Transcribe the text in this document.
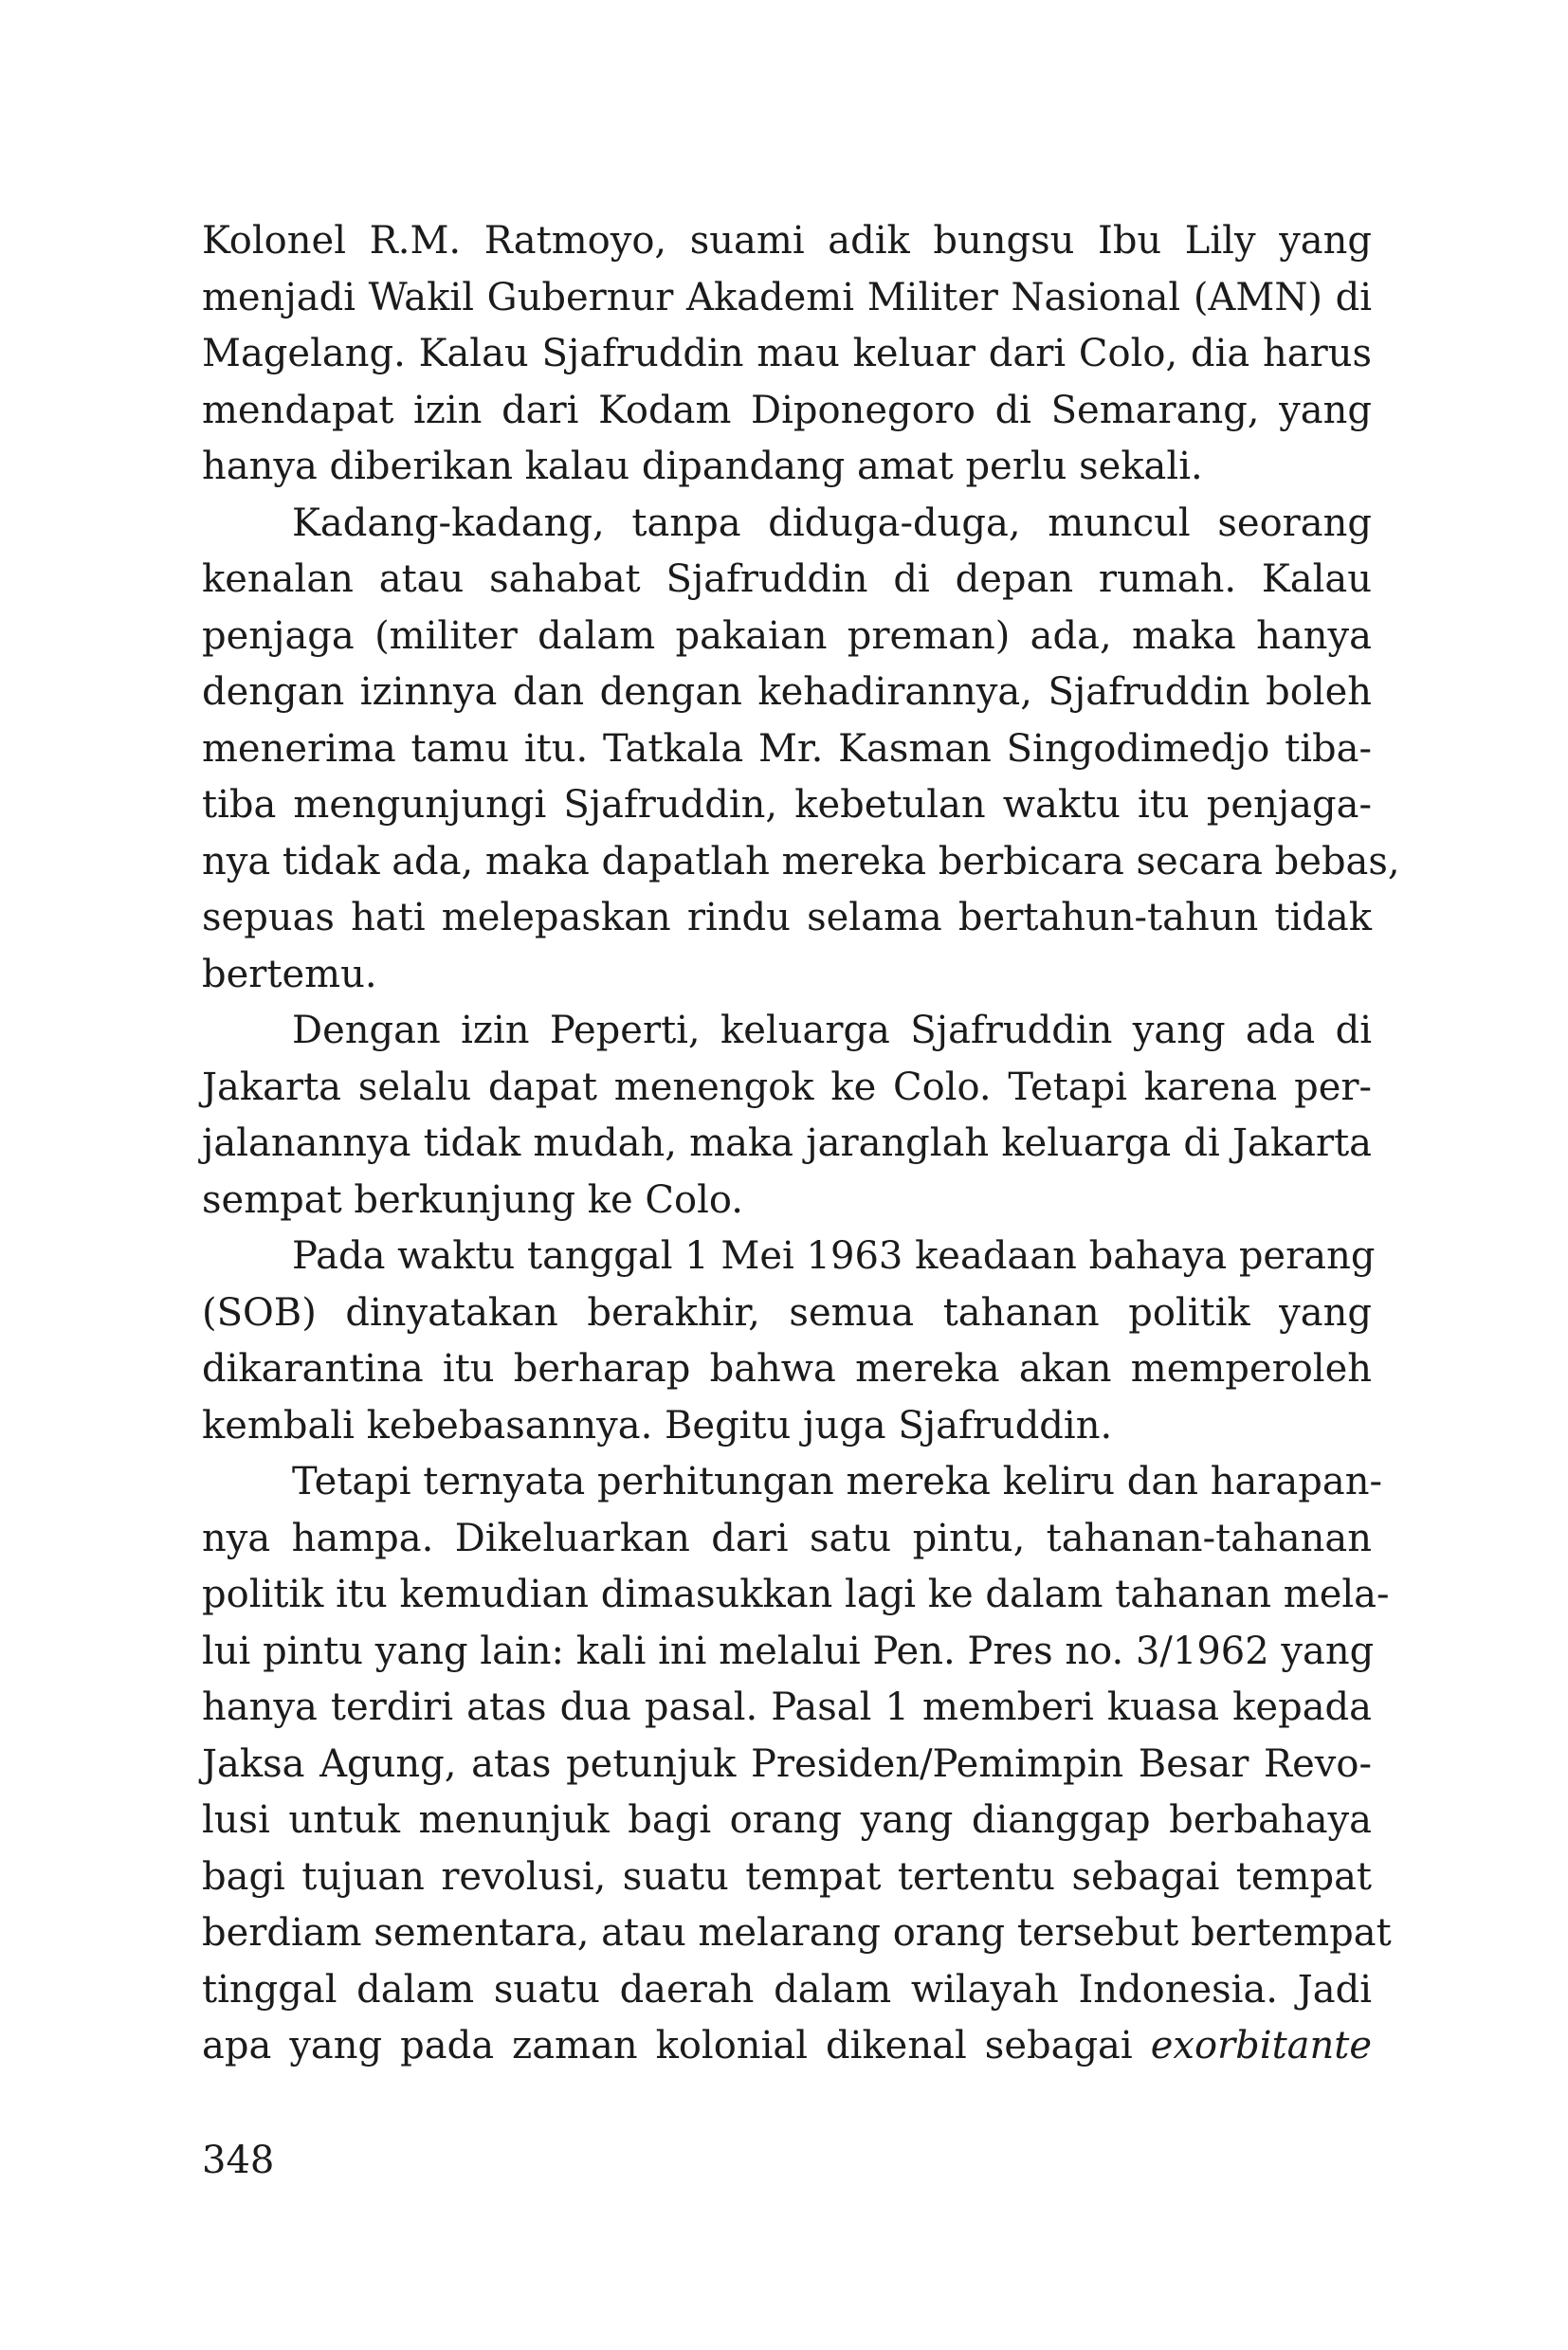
Kolonel R.M. Ratmoyo, suami adik bungsu Ibu Lily yang
menjadi Wakil Gubernur Akademi Militer Nasional (AMN) di
Magelang. Kalau Sjafruddin mau keluar dari Colo, dia harus
mendapat izin dari Kodam Diponegoro di Semarang, yang
hanya diberikan kalau dipandang amat perlu sekali.
Kadang-kadang, tanpa diduga-duga, muncul seorang
kenalan atau sahabat Sjafruddin di depan rumah. Kalau
penjaga (militer dalam pakaian preman) ada, maka hanya
dengan izinnya dan dengan kehadirannya, Sjafruddin boleh
menerima tamu itu. Tatkala Mr. Kasman Singodimedjo tiba-
tiba mengunjungi Sjafruddin, kebetulan waktu itu penjaga-
nya tidak ada, maka dapatlah mereka berbicara secara bebas,
sepuas hati melepaskan rindu selama bertahun-tahun tidak
bertemu.
Dengan izin Peperti, keluarga Sjafruddin yang ada di
Jakarta selalu dapat menengok ke Colo. Tetapi karena per-
jalanannya tidak mudah, maka jaranglah keluarga di Jakarta
sempat berkunjung ke Colo.
Pada waktu tanggal 1 Mei 1963 keadaan bahaya perang
(SOB) dinyatakan berakhir, semua tahanan politik yang
dikarantina itu berharap bahwa mereka akan memperoleh
kembali kebebasannya. Begitu juga Sjafruddin.
Tetapi ternyata perhitungan mereka keliru dan harapan-
nya hampa. Dikeluarkan dari satu pintu, tahanan-tahanan
politik itu kemudian dimasukkan lagi ke dalam tahanan mela-
lui pintu yang lain: kali ini melalui Pen. Pres no. 3/1962 yang
hanya terdiri atas dua pasal. Pasal 1 memberi kuasa kepada
Jaksa Agung, atas petunjuk Presiden/Pemimpin Besar Revo-
lusi untuk menunjuk bagi orang yang dianggap berbahaya
bagi tujuan revolusi, suatu tempat tertentu sebagai tempat
berdiam sementara, atau melarang orang tersebut bertempat
tinggal dalam suatu daerah dalam wilayah Indonesia. Jadi
apa yang pada zaman kolonial dikenal sebagai exorbitante
348
